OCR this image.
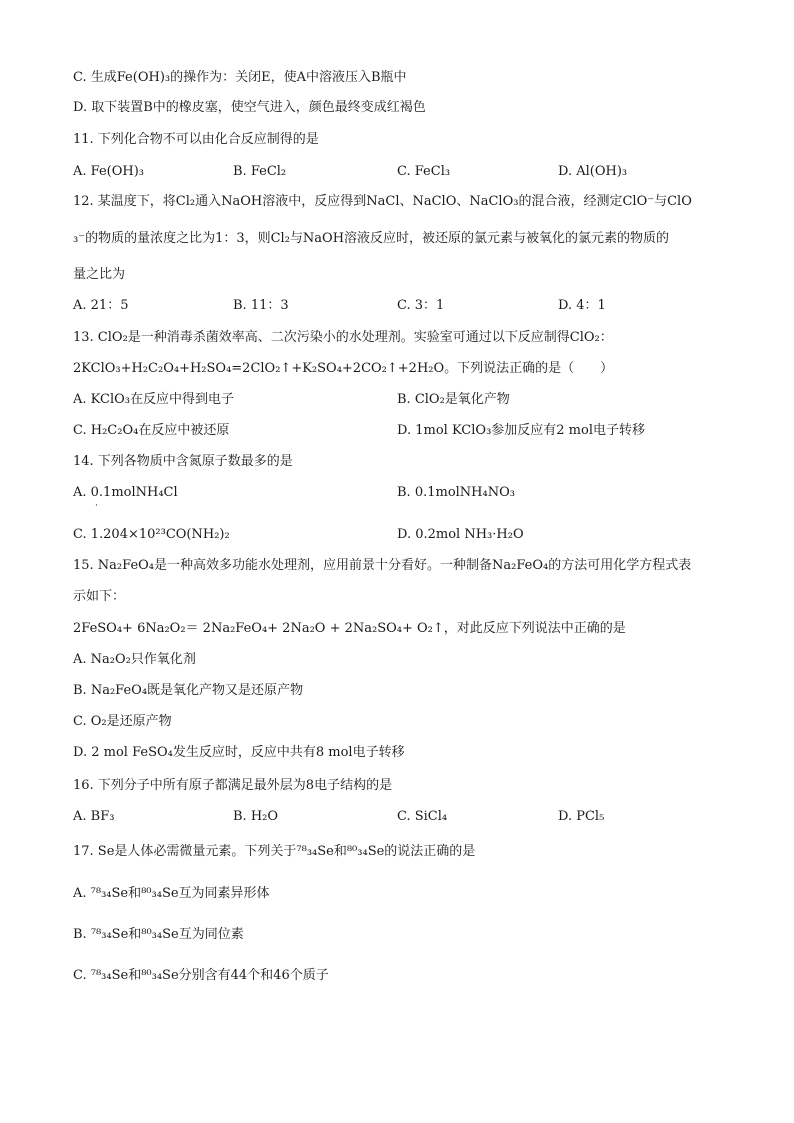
C. 生成Fe(OH)₃的操作为：关闭E，使A中溶液压入B瓶中
D. 取下装置B中的橡皮塞，使空气进入，颜色最终变成红褐色
11. 下列化合物不可以由化合反应制得的是
A. Fe(OH)₃	B. FeCl₂	C. FeCl₃	D. Al(OH)₃
12. 某温度下，将Cl₂通入NaOH溶液中，反应得到NaCl、NaClO、NaClO₃的混合液，经测定ClO⁻与ClO
₃⁻的物质的量浓度之比为1：3，则Cl₂与NaOH溶液反应时，被还原的氯元素与被氧化的氯元素的物质的
量之比为
A. 21：5	B. 11：3	C. 3：1	D. 4：1
13. ClO₂是一种消毒杀菌效率高、二次污染小的水处理剂。实验室可通过以下反应制得ClO₂：
2KClO₃+H₂C₂O₄+H₂SO₄=2ClO₂↑+K₂SO₄+2CO₂↑+2H₂O。下列说法正确的是（　　）
A. KClO₃在反应中得到电子	B. ClO₂是氧化产物
C. H₂C₂O₄在反应中被还原	D. 1mol KClO₃参加反应有2 mol电子转移
14. 下列各物质中含氮原子数最多的是
A. 0.1molNH₄Cl	B. 0.1molNH₄NO₃
·
C. 1.204×10²³CO(NH₂)₂	D. 0.2mol NH₃·H₂O
15. Na₂FeO₄是一种高效多功能水处理剂，应用前景十分看好。一种制备Na₂FeO₄的方法可用化学方程式表
示如下：
2FeSO₄+ 6Na₂O₂＝ 2Na₂FeO₄+ 2Na₂O + 2Na₂SO₄+ O₂↑，对此反应下列说法中正确的是
A. Na₂O₂只作氧化剂
B. Na₂FeO₄既是氧化产物又是还原产物
C. O₂是还原产物
D. 2 mol FeSO₄发生反应时，反应中共有8 mol电子转移
16. 下列分子中所有原子都满足最外层为8电子结构的是
A. BF₃	B. H₂O	C. SiCl₄	D. PCl₅
17. Se是人体必需微量元素。下列关于⁷⁸₃₄Se和⁸⁰₃₄Se的说法正确的是
A. ⁷⁸₃₄Se和⁸⁰₃₄Se互为同素异形体
B. ⁷⁸₃₄Se和⁸⁰₃₄Se互为同位素
C. ⁷⁸₃₄Se和⁸⁰₃₄Se分别含有44个和46个质子
